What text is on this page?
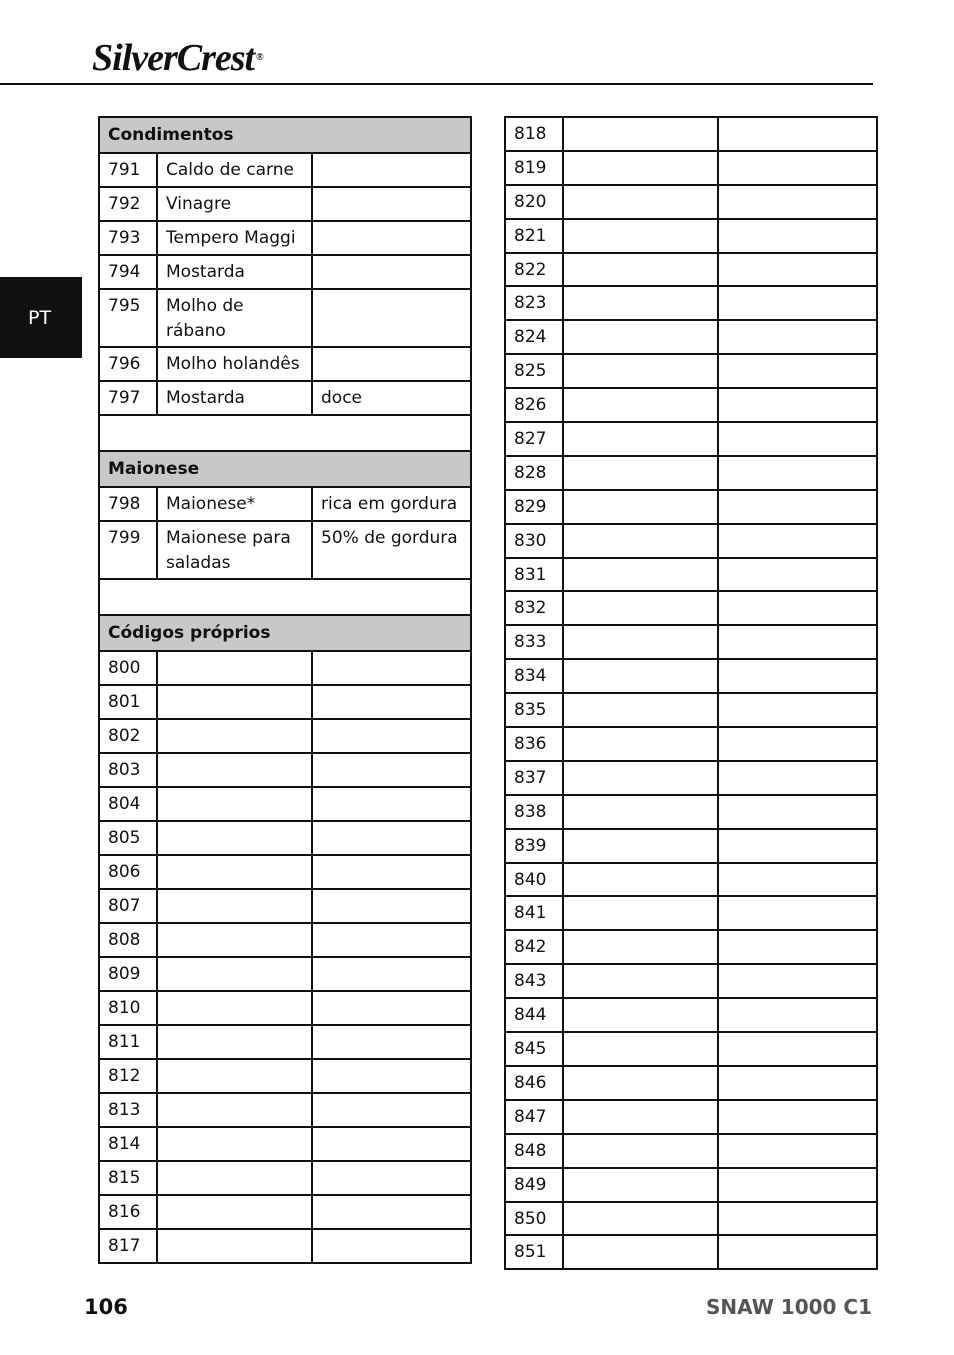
SilverCrest ®
PT
Condimentos		
791	Caldo de carne	
792	Vinagre	
793	Tempero Maggi	
794	Mostarda	
795	Molho de rábano	
796	Molho holandês	
797	Mostarda	doce

Maionese		
798	Maionese*	rica em gordura
799	Maionese para saladas	50% de gordura

Códigos próprios		
800		
801		
802		
803		
804		
805		
806		
807		
808		
809		
810		
811		
812		
813		
814		
815		
816		
817		
818		
819		
820		
821		
822		
823		
824		
825		
826		
827		
828		
829		
830		
831		
832		
833		
834		
835		
836		
837		
838		
839		
840		
841		
842		
843		
844		
845		
846		
847		
848		
849		
850		
851		
106	SNAW 1000 C1
